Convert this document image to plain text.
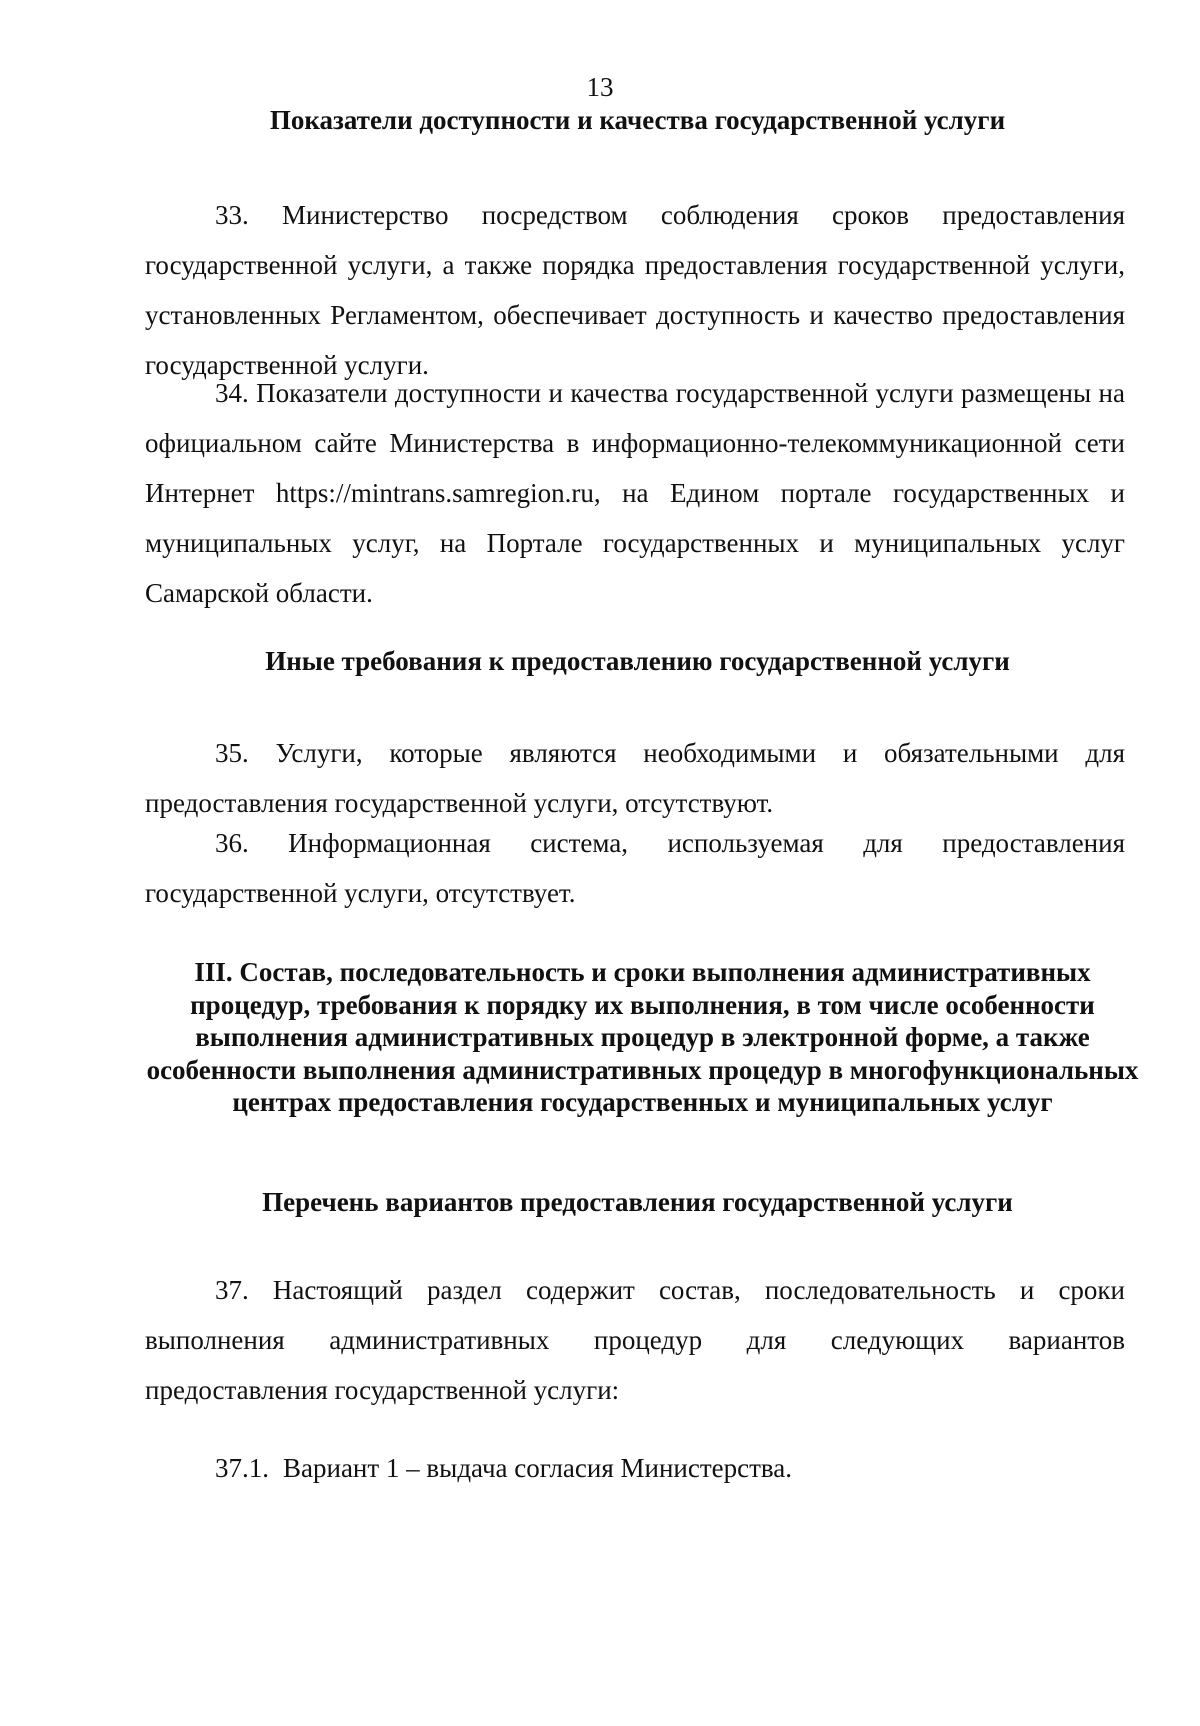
13
Показатели доступности и качества государственной услуги

33. Министерство посредством соблюдения сроков предоставления государственной услуги, а также порядка предоставления государственной услуги, установленных Регламентом, обеспечивает доступность и качество предоставления государственной услуги.

34. Показатели доступности и качества государственной услуги размещены на официальном сайте Министерства в информационно-телекоммуникационной сети Интернет https://mintrans.samregion.ru, на Едином портале государственных и муниципальных услуг, на Портале государственных и муниципальных услуг Самарской области.

Иные требования к предоставлению государственной услуги

35. Услуги, которые являются необходимыми и обязательными для предоставления государственной услуги, отсутствуют.

36. Информационная система, используемая для предоставления государственной услуги, отсутствует.

III. Состав, последовательность и сроки выполнения административных процедур, требования к порядку их выполнения, в том числе особенности выполнения административных процедур в электронной форме, а также особенности выполнения административных процедур в многофункциональных центрах предоставления государственных и муниципальных услуг
Перечень вариантов предоставления государственной услуги

37. Настоящий раздел содержит состав, последовательность и сроки выполнения административных процедур для следующих вариантов предоставления государственной услуги:

37.1. Вариант 1 – выдача согласия Министерства.
